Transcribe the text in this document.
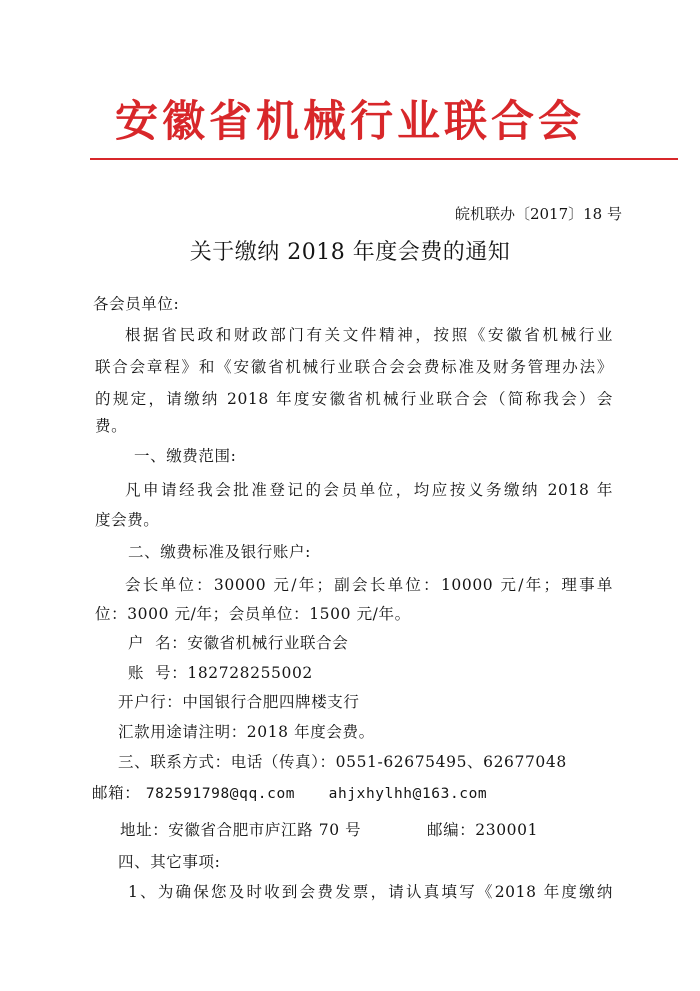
安徽省机械行业联合会
皖机联办〔2017〕18 号
关于缴纳 2018 年度会费的通知
各会员单位:
根据省民政和财政部门有关文件精神，按照《安徽省机械行业
联合会章程》和《安徽省机械行业联合会会费标准及财务管理办法》
的规定，请缴纳 2018 年度安徽省机械行业联合会（简称我会）会
费。
一、缴费范围:
凡申请经我会批准登记的会员单位，均应按义务缴纳 2018 年
度会费。
二、缴费标准及银行账户:
会长单位：30000 元/年；副会长单位：10000 元/年；理事单
位：3000 元/年；会员单位：1500 元/年。
户  名：安徽省机械行业联合会
账  号：182728255002
开户行：中国银行合肥四牌楼支行
汇款用途请注明：2018 年度会费。
三、联系方式：电话（传真）：0551-62675495、62677048
邮箱： 782591798@qq.com ahjxhylhh@163.com
地址：安徽省合肥市庐江路 70 号	邮编：230001
四、其它事项:
1、为确保您及时收到会费发票，请认真填写《2018 年度缴纳
